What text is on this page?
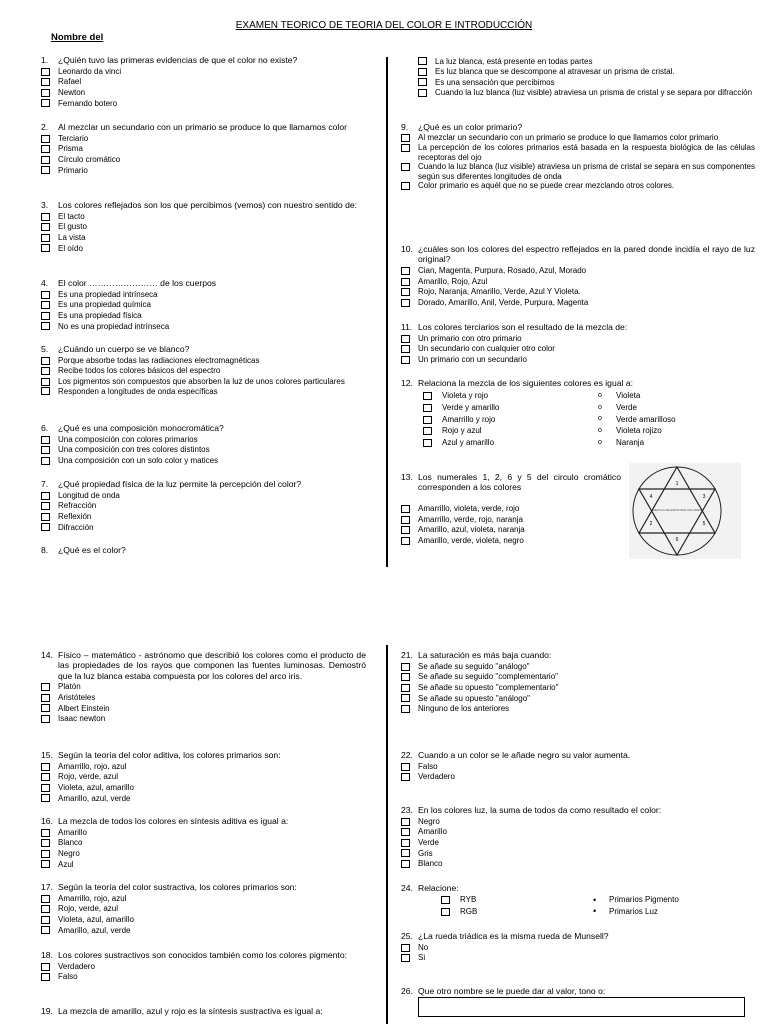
EXAMEN TEORICO DE TEORIA DEL COLOR E INTRODUCCIÓN
Nombre del
1.	¿Quién tuvo las primeras evidencias de que el color no existe?
Leonardo da vinci
Rafael
Newton
Fernando botero
2.	Al mezclar un secundario con un primario se produce lo que llamamos color
Terciario
Prisma
Círculo cromático
Primario
3.	Los colores reflejados son los que percibimos (vemos) con nuestro sentido de:
El tacto
El gusto
La vista
El oído
4.	El color …………………… de los cuerpos
Es una propiedad intrínseca
Es una propiedad química
Es una propiedad física
No es una propiedad intrínseca
5.	¿Cuándo un cuerpo se ve blanco?
Porque absorbe todas las radiaciones electromagnéticas
Recibe todos los colores básicos del espectro
Los pigmentos son compuestos que absorben la luz de unos colores particulares
Responden a longitudes de onda específicas
6.	¿Qué es una composición monocromática?
Una composición con colores primarios
Una composición con tres colores distintos
Una composición con un solo color y matices
7.	¿Qué propiedad física de la luz permite la percepción del color?
Longitud de onda
Refracción
Reflexión
Difracción
8.	¿Qué es el color?
La luz blanca, está presente en todas partes
Es luz blanca que se descompone al atravesar un prisma de cristal.
Es una sensación que percibimos
Cuando la luz blanca (luz visible) atraviesa un prisma de cristal y se separa por difracción
9.	¿Qué es un color primario?
Al mezclar un secundario con un primario se produce lo que llamamos color primario
La percepción de los colores primarios está basada en la respuesta biológica de las células receptoras del ojo
Cuando la luz blanca (luz visible) atraviesa un prisma de cristal se separa en sus componentes según sus diferentes longitudes de onda
Color primario es aquél que no se puede crear mezclando otros colores.
10. ¿cuáles son los colores del espectro reflejados en la pared donde incidía el rayo de luz original?
Cian, Magenta, Purpura, Rosado, Azul, Morado
Amarillo, Rojo, Azul
Rojo, Naranja, Amarillo, Verde, Azul Y Violeta.
Dorado, Amarillo, Anil, Verde, Purpura, Magenta
11. Los colores terciarios son el resultado de la mezcla de:
Un primario con otro primario
Un secundario con cualquier otro color
Un primario con un secundario
12. Relaciona la mezcla de los siguientes colores es igual a:
Violeta y rojo	o	Violeta
Verde y amarillo	o	Verde
Amarrillo y rojo	o	Verde amarilloso
Rojo y azul	o	Violeta rojizo
Azul y amarillo	o	Naranja
13. Los numerales 1, 2, 6 y 5 del circulo cromático corresponden a los colores
Amarrillo, violeta, verde, rojo
Amarrillo, verde, rojo, naranja
Amarillo, azul, violeta, naranja
Amarillo, verde, violeta, negro
1
3
5
6
2
4
MEZCLA DE ESOS DOS COLORES
14. Físico – matemático - astrónomo que describió los colores como el producto de las propiedades de los rayos que componen las fuentes luminosas. Demostró que la luz blanca estaba compuesta por los colores del arco iris.
Platón
Aristóteles
Albert Einstein
Isaac newton
15. Según la teoría del color aditiva, los colores primarios son:
Amarrillo, rojo, azul
Rojo, verde, azul
Violeta, azul, amarillo
Amarillo, azul, verde
16. La mezcla de todos los colores en síntesis aditiva es igual a:
Amarillo
Blanco
Negro
Azul
17. Según la teoría del color sustractiva, los colores primarios son:
Amarrillo, rojo, azul
Rojo, verde, azul
Violeta, azul, amarillo
Amarillo, azul, verde
18. Los colores sustractivos son conocidos también como los colores pigmento:
Verdadero
Falso
19. La mezcla de amarillo, azul y rojo es la síntesis sustractiva es igual a:
21. La saturación es más baja cuando:
Se añade su seguido "análogo"
Se añade su seguido "complementario"
Se añade su opuesto "complementario"
Se añade su opuesto "análogo"
Ninguno de los anteriores
22. Cuando a un color se le añade negro su valor aumenta.
Falso
Verdadero
23. En los colores luz, la suma de todos da como resultado el color:
Negro
Amarillo
Verde
Gris
Blanco
24. Relacione:
RYB	•	Primarios Pigmento
RGB	•	Primarios Luz
25. ¿La rueda triádica es la misma rueda de Munsell?
No
Si
26. Que otro nombre se le puede dar al valor, tono o:
